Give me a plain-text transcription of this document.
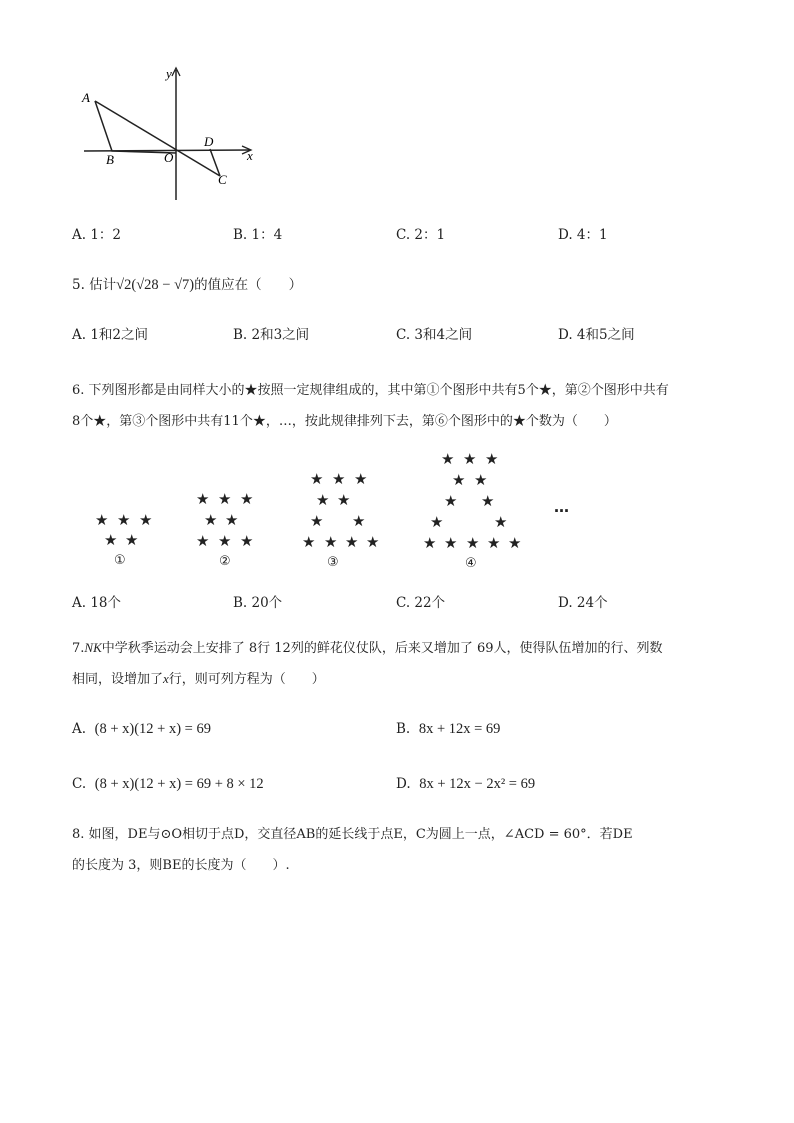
A
B	O
D
C
x
y
A. 1：2	B. 1：4	C. 2：1	D. 4：1
5. 估计√2(√28 − √7)的值应在（　　）
A. 1和2之间	B. 2和3之间	C. 3和4之间	D. 4和5之间
6. 下列图形都是由同样大小的★按照一定规律组成的，其中第①个图形中共有5个★，第②个图形中共有
8个★，第③个图形中共有11个★，…，按此规律排列下去，第⑥个图形中的★个数为（　　）
★ ★ ★
★ ★
★ ★ ★
★ ★
★ ★ ★
★ ★ ★
★ ★
★ ★
★ ★ ★ ★
★ ★ ★
★ ★
★ ★
★	★
★ ★ ★ ★ ★
①	②	③	④
…
A. 18个	B. 20个	C. 22个	D. 24个
7.NK中学秋季运动会上安排了 8行 12列的鲜花仪仗队，后来又增加了 69人，使得队伍增加的行、列数
相同，设增加了x行，则可列方程为（　　）
A. (8 + x)(12 + x) = 69	B. 8x + 12x = 69
C. (8 + x)(12 + x) = 69 + 8 × 12	D. 8x + 12x − 2x² = 69
8. 如图，DE与⊙O相切于点D，交直径AB的延长线于点E，C为圆上一点，∠ACD = 60°．若DE
的长度为 3，则BE的长度为（　　）.
